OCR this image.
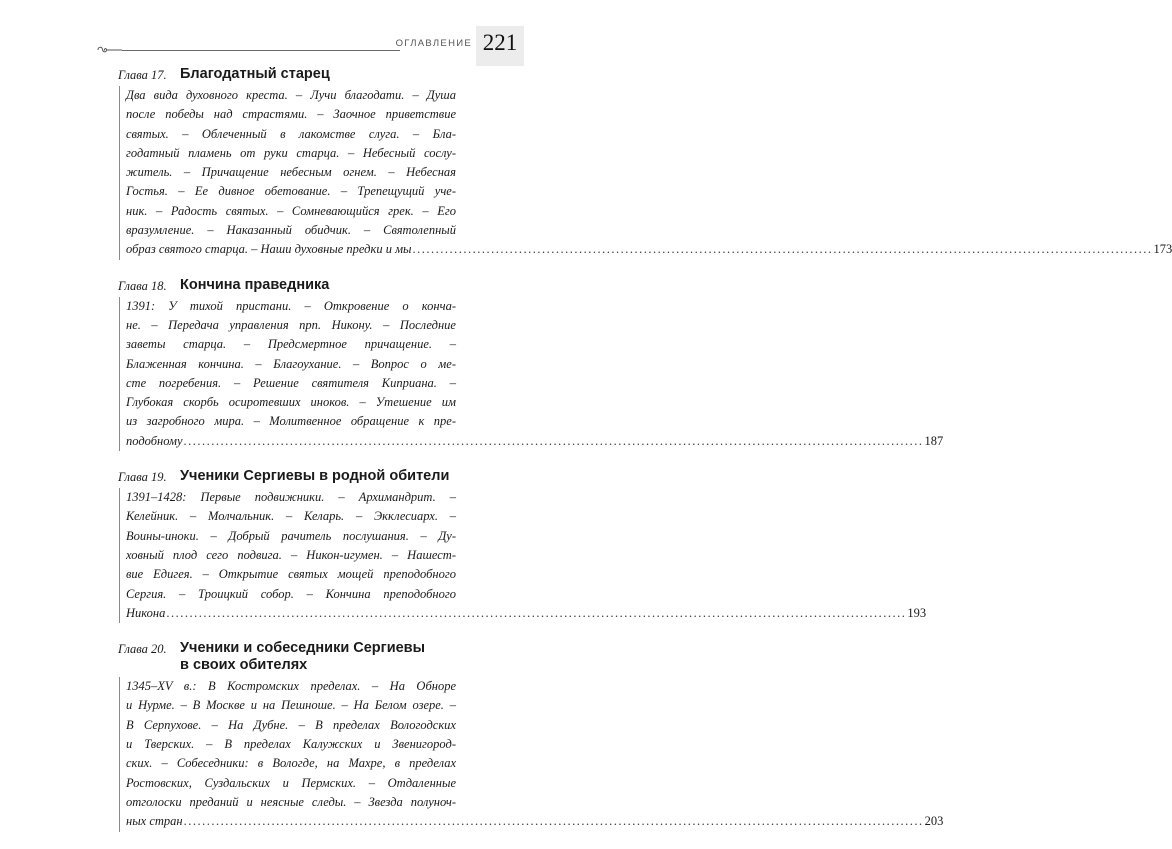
ОГЛАВЛЕНИЕ 221
Глава 17. Благодатный старец
Два вида духовного креста. – Лучи благодати. – Душа
после победы над страстями. – Заочное приветствие
святых. – Облеченный в лакомстве слуга. – Бла-
годатный пламень от руки старца. – Небесный сослу-
житель. – Причащение небесным огнем. – Небесная
Гостья. – Ее дивное обетование. – Трепещущий уче-
ник. – Радость святых. – Сомневающийся грек. – Его
вразумление. – Наказанный обидчик. – Святолепный
образ святого старца. – Наши духовные предки и мы ................................................................................................................................................................ 173
Глава 18. Кончина праведника
1391: У тихой пристани. – Откровение о конча-
не. – Передача управления прп. Никону. – Последние
заветы старца. – Предсмертное причащение. –
Блаженная кончина. – Благоухание. – Вопрос о ме-
сте погребения. – Решение святителя Киприана. –
Глубокая скорбь осиротевших иноков. – Утешение им
из загробного мира. – Молитвенное обращение к пре-
подобному ................................................................................................................................................................ 187
Глава 19. Ученики Сергиевы в родной обители
1391–1428: Первые подвижники. – Архимандрит. –
Келейник. – Молчальник. – Келарь. – Экклесиарх. –
Воины-иноки. – Добрый рачитель послушания. – Ду-
ховный плод сего подвига. – Никон-игумен. – Нашест-
вие Едигея. – Открытие святых мощей преподобного
Сергия. – Троицкий собор. – Кончина преподобного
Никона ................................................................................................................................................................ 193
Глава 20. Ученики и собеседники Сергиевы
в своих обителях
1345–XV в.: В Костромских пределах. – На Обноре
и Нурме. – В Москве и на Пешноше. – На Белом озере. –
В Серпухове. – На Дубне. – В пределах Вологодских
и Тверских. – В пределах Калужских и Звенигород-
ских. – Собеседники: в Вологде, на Махре, в пределах
Ростовских, Суздальских и Пермских. – Отдаленные
отголоски преданий и неясные следы. – Звезда полуноч-
ных стран ................................................................................................................................................................ 203
